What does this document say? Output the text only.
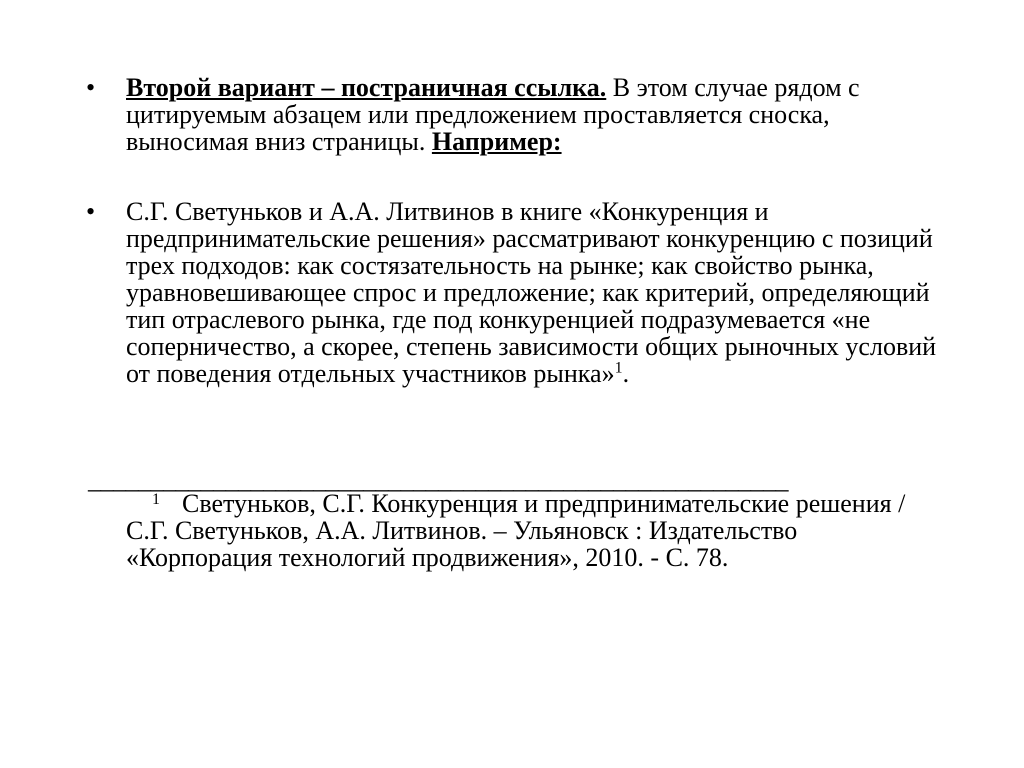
•	Второй вариант – постраничная ссылка. В этом случае рядом с цитируемым абзацем или предложением проставляется сноска, выносимая вниз страницы. Например:
•	С.Г. Светуньков и А.А. Литвинов в книге «Конкуренция и предпринимательские решения» рассматривают конкуренцию с позиций трех подходов: как состязательность на рынке; как свойство рынка, уравновешивающее спрос и предложение; как критерий, определяющий тип отраслевого рынка, где под конкуренцией подразумевается «не соперничество, а скорее, степень зависимости общих рыночных условий от поведения отдельных участников рынка»$^1$.
________________________________________________________
1 Светуньков, С.Г. Конкуренция и предпринимательские решения / С.Г. Светуньков, А.А. Литвинов. – Ульяновск : Издательство «Корпорация технологий продвижения», 2010. - С. 78.
